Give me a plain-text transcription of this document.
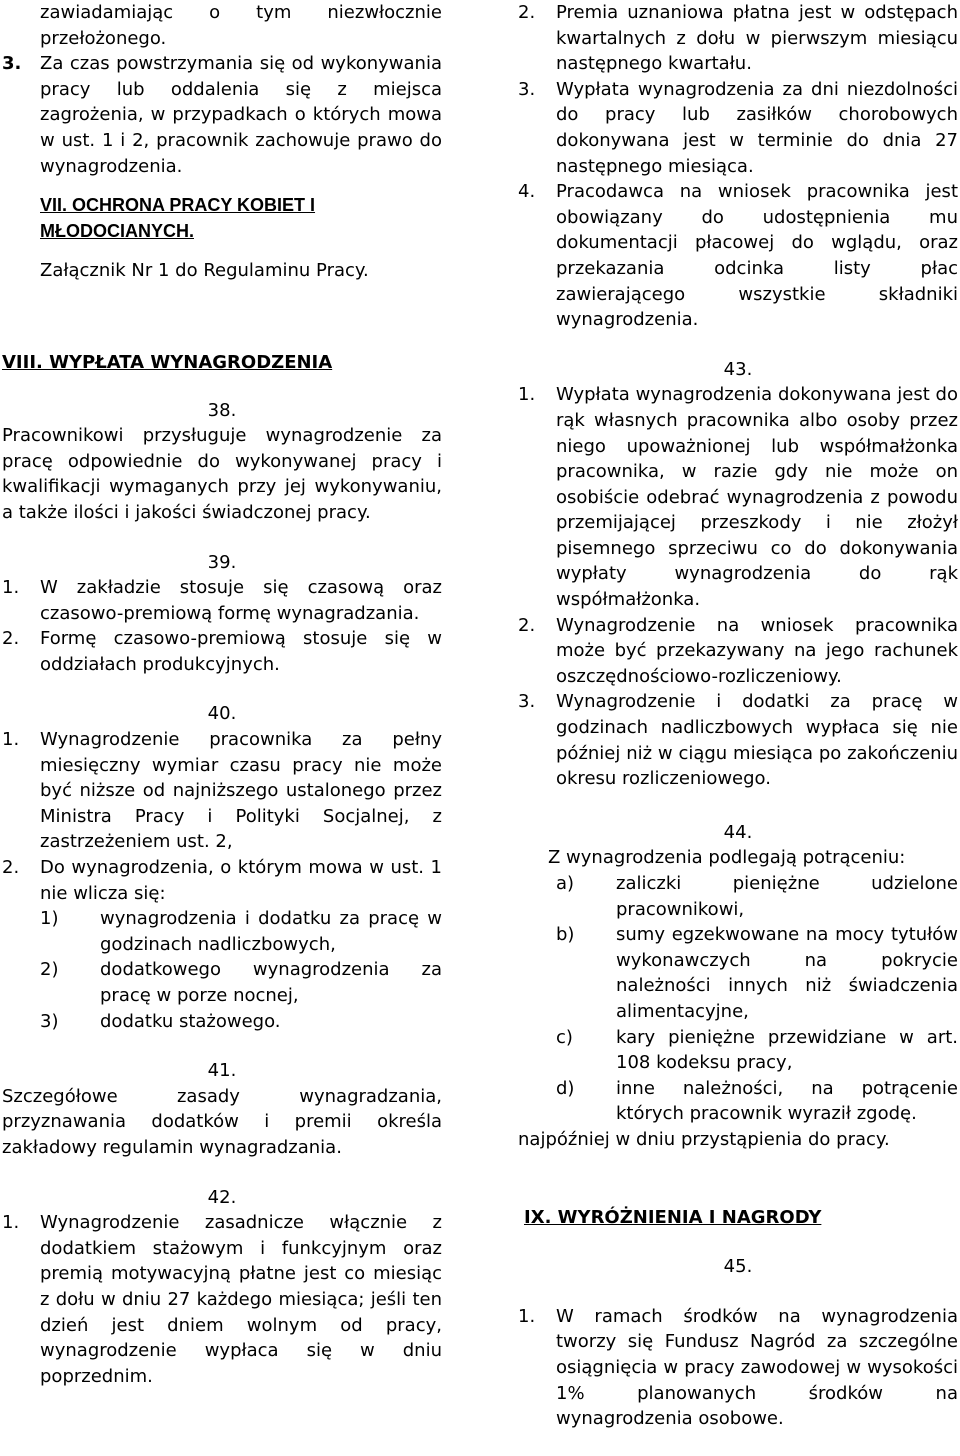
zawiadamiając o tym niezwłocznie przełożonego.

3.	Za czas powstrzymania się od wykonywania pracy lub oddalenia się z miejsca zagrożenia, w przypadkach o których mowa w ust. 1 i 2, pracownik zachowuje prawo do wynagrodzenia.

VII. OCHRONA PRACY KOBIET I MŁODOCIANYCH.

Załącznik Nr 1 do Regulaminu Pracy.

VIII. WYPŁATA WYNAGRODZENIA

38.

Pracownikowi przysługuje wynagrodzenie za pracę odpowiednie do wykonywanej pracy i kwalifikacji wymaganych przy jej wykonywaniu, a także ilości i jakości świadczonej pracy.

39.

1.	W zakładzie stosuje się czasową oraz czasowo-premiową formę wynagradzania.
2.	Formę czasowo-premiową stosuje się w oddziałach produkcyjnych.

40.

1.	Wynagrodzenie pracownika za pełny miesięczny wymiar czasu pracy nie może być niższe od najniższego ustalonego przez Ministra Pracy i Polityki Socjalnej, z zastrzeżeniem ust. 2,
2.	Do wynagrodzenia, o którym mowa w ust. 1 nie wlicza się:
1)	wynagrodzenia i dodatku za pracę w godzinach nadliczbowych,
2)	dodatkowego wynagrodzenia za pracę w porze nocnej,
3)	dodatku stażowego.

41.

Szczegółowe zasady wynagradzania, przyznawania dodatków i premii określa zakładowy regulamin wynagradzania.

42.

1.	Wynagrodzenie zasadnicze włącznie z dodatkiem stażowym i funkcyjnym oraz premią motywacyjną płatne jest co miesiąc z dołu w dniu 27 każdego miesiąca; jeśli ten dzień jest dniem wolnym od pracy, wynagrodzenie wypłaca się w dniu poprzednim.
2.	Premia uznaniowa płatna jest w odstępach kwartalnych z dołu w pierwszym miesiącu następnego kwartału.
3.	Wypłata wynagrodzenia za dni niezdolności do pracy lub zasiłków chorobowych dokonywana jest w terminie do dnia 27 następnego miesiąca.
4.	Pracodawca na wniosek pracownika jest obowiązany do udostępnienia mu dokumentacji płacowej do wglądu, oraz przekazania odcinka listy płac zawierającego wszystkie składniki wynagrodzenia.

43.

1.	Wypłata wynagrodzenia dokonywana jest do rąk własnych pracownika albo osoby przez niego upoważnionej lub współmałżonka pracownika, w razie gdy nie może on osobiście odebrać wynagrodzenia z powodu przemijającej przeszkody i nie złożył pisemnego sprzeciwu co do dokonywania wypłaty wynagrodzenia do rąk współmałżonka.
2.	Wynagrodzenie na wniosek pracownika może być przekazywany na jego rachunek oszczędnościowo-rozliczeniowy.
3.	Wynagrodzenie i dodatki za pracę w godzinach nadliczbowych wypłaca się nie później niż w ciągu miesiąca po zakończeniu okresu rozliczeniowego.

44.

Z wynagrodzenia podlegają potrąceniu:

a)	zaliczki pieniężne udzielone pracownikowi,
b)	sumy egzekwowane na mocy tytułów wykonawczych na pokrycie należności innych niż świadczenia alimentacyjne,
c)	kary pieniężne przewidziane w art. 108 kodeksu pracy,
d)	inne należności, na potrącenie których pracownik wyraził zgodę.

najpóźniej w dniu przystąpienia do pracy.

IX. WYRÓŻNIENIA I NAGRODY

45.

1.	W ramach środków na wynagrodzenia tworzy się Fundusz Nagród za szczególne osiągnięcia w pracy zawodowej w wysokości 1% planowanych środków na wynagrodzenia osobowe.
